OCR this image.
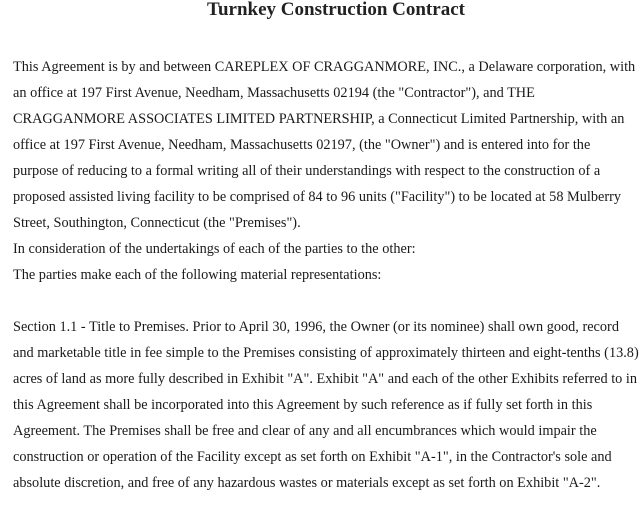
Turnkey Construction Contract

This Agreement is by and between CAREPLEX OF CRAGGANMORE, INC., a Delaware corporation, with an office at 197 First Avenue, Needham, Massachusetts 02194 (the "Contractor"), and THE CRAGGANMORE ASSOCIATES LIMITED PARTNERSHIP, a Connecticut Limited Partnership, with an office at 197 First Avenue, Needham, Massachusetts 02197, (the "Owner") and is entered into for the purpose of reducing to a formal writing all of their understandings with respect to the construction of a proposed assisted living facility to be comprised of 84 to 96 units ("Facility") to be located at 58 Mulberry Street, Southington, Connecticut (the "Premises").

In consideration of the undertakings of each of the parties to the other:

The parties make each of the following material representations:

Section 1.1 - Title to Premises. Prior to April 30, 1996, the Owner (or its nominee) shall own good, record and marketable title in fee simple to the Premises consisting of approximately thirteen and eight-tenths (13.8) acres of land as more fully described in Exhibit "A". Exhibit "A" and each of the other Exhibits referred to in this Agreement shall be incorporated into this Agreement by such reference as if fully set forth in this Agreement. The Premises shall be free and clear of any and all encumbrances which would impair the construction or operation of the Facility except as set forth on Exhibit "A-1", in the Contractor's sole and absolute discretion, and free of any hazardous wastes or materials except as set forth on Exhibit "A-2".
